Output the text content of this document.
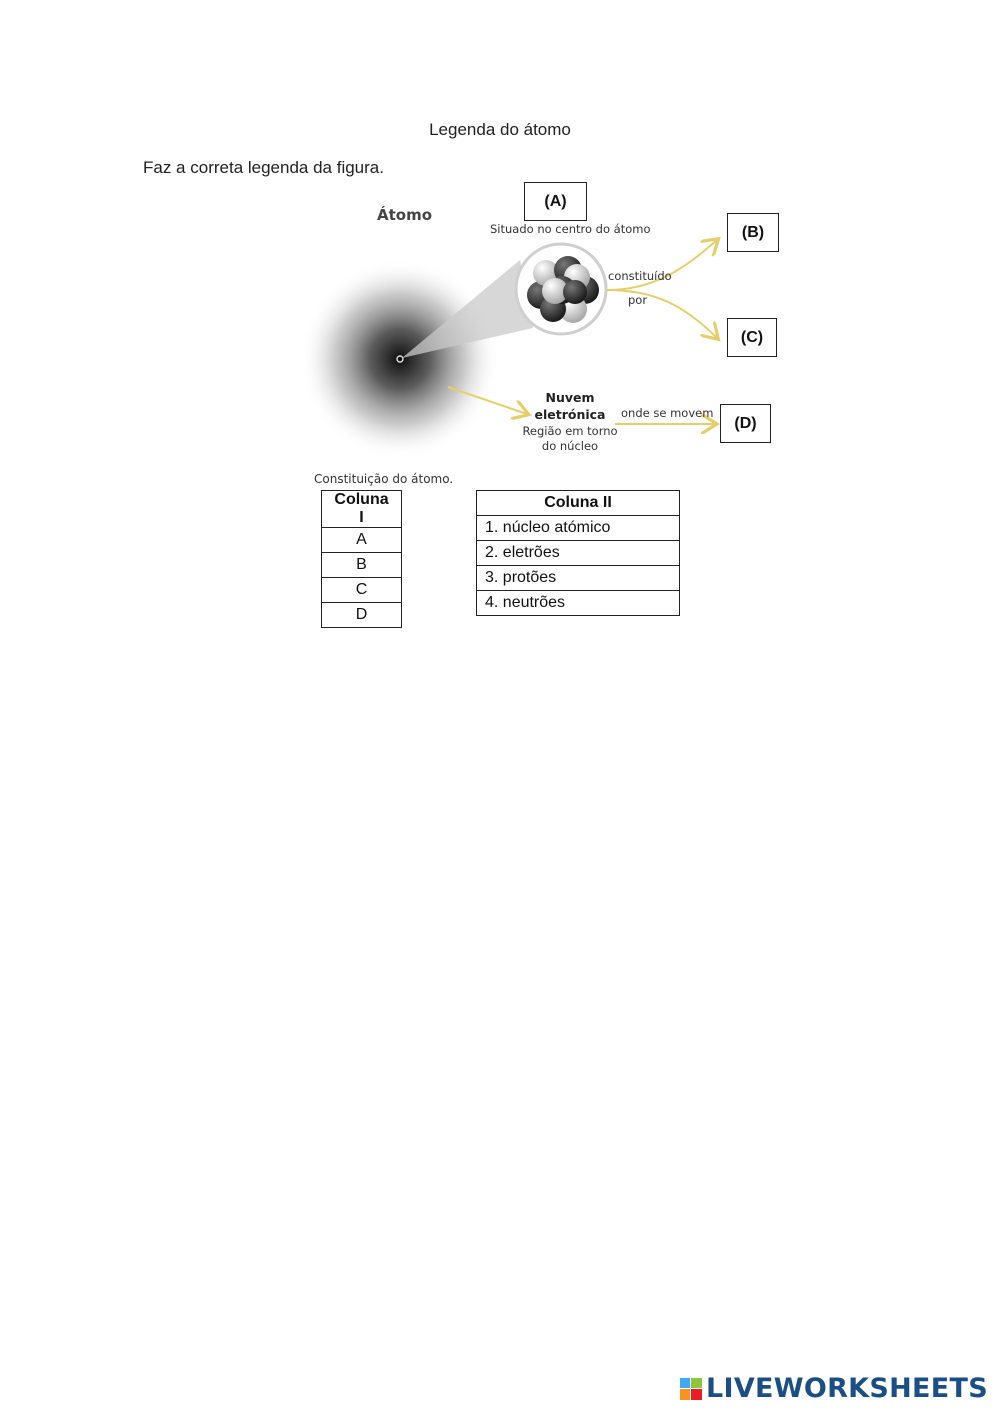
Legenda do átomo
Faz a correta legenda da figura.
Átomo
Situado no centro do átomo
constituído
por
Nuvem
eletrónica
Região em torno
do núcleo
onde se movem
(A)
(B)
(C)
(D)
Constituição do átomo.
Coluna I
A
B
C
D
Coluna II
1. núcleo atómico
2. eletrões
3. protões
4. neutrões
LIVEWORKSHEETS
